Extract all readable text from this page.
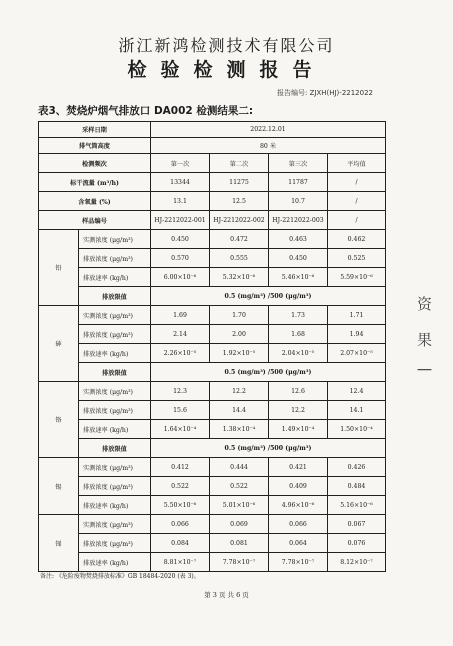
浙江新鸿检测技术有限公司
检验检测报告
报告编号: ZJXH(HJ)-2212022
表3、焚烧炉烟气排放口 DA002 检测结果二:
采样日期		2022.12.01			
排气筒高度		80 米			
检测频次		第一次	第二次	第三次	平均值
标干流量 (m³/h)		13344	11275	11787	/
含氧量 (%)		13.1	12.5	10.7	/
样品编号		HJ-2212022-001	HJ-2212022-002	HJ-2212022-003	/
铅	实测浓度 (μg/m³)	0.450	0.472	0.463	0.462
	排放浓度 (μg/m³)	0.570	0.555	0.450	0.525
	排放速率 (kg/h)	6.00×10⁻⁶	5.32×10⁻⁶	5.46×10⁻⁶	5.59×10⁻⁶
	排放限值	0.5 (mg/m³) /500 (μg/m³)			
砷	实测浓度 (μg/m³)	1.69	1.70	1.73	1.71
	排放浓度 (μg/m³)	2.14	2.00	1.68	1.94
	排放速率 (kg/h)	2.26×10⁻⁵	1.92×10⁻⁵	2.04×10⁻⁵	2.07×10⁻⁵
	排放限值	0.5 (mg/m³) /500 (μg/m³)			
铬	实测浓度 (μg/m³)	12.3	12.2	12.6	12.4
	排放浓度 (μg/m³)	15.6	14.4	12.2	14.1
	排放速率 (kg/h)	1.64×10⁻⁴	1.38×10⁻⁴	1.49×10⁻⁴	1.50×10⁻⁴
	排放限值	0.5 (mg/m³) /500 (μg/m³)			
锡	实测浓度 (μg/m³)	0.412	0.444	0.421	0.426
	排放浓度 (μg/m³)	0.522	0.522	0.409	0.484
	排放速率 (kg/h)	5.50×10⁻⁶	5.01×10⁻⁶	4.96×10⁻⁶	5.16×10⁻⁶
锑	实测浓度 (μg/m³)	0.066	0.069	0.066	0.067
	排放浓度 (μg/m³)	0.084	0.081	0.064	0.076
	排放速率 (kg/h)	8.81×10⁻⁷	7.78×10⁻⁷	7.78×10⁻⁷	8.12×10⁻⁷
备注: 《危险废物焚烧排放标准》GB 18484-2020 (表 3)。
第 3 页 共 6 页
资 果 ∣
